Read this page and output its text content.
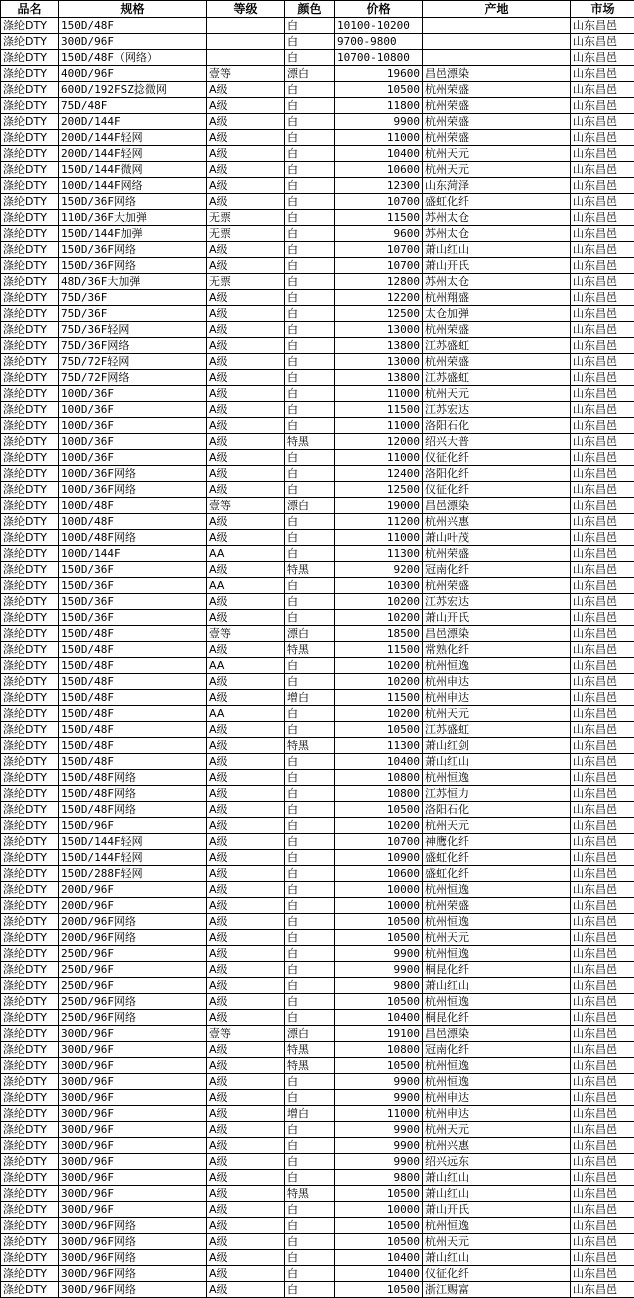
品名	规格	等级	颜色	价格	产地	市场
涤纶DTY	150D/48F		白	10100-10200		山东昌邑
涤纶DTY	300D/96F		白	9700-9800		山东昌邑
涤纶DTY	150D/48F（网络）		白	10700-10800		山东昌邑
涤纶DTY	400D/96F	壹等	漂白	19600	昌邑漂染	山东昌邑
涤纶DTY	600D/192FSZ捻微网	A级	白	10500	杭州荣盛	山东昌邑
涤纶DTY	75D/48F	A级	白	11800	杭州荣盛	山东昌邑
涤纶DTY	200D/144F	A级	白	9900	杭州荣盛	山东昌邑
涤纶DTY	200D/144F轻网	A级	白	11000	杭州荣盛	山东昌邑
涤纶DTY	200D/144F轻网	A级	白	10400	杭州天元	山东昌邑
涤纶DTY	150D/144F微网	A级	白	10600	杭州天元	山东昌邑
涤纶DTY	100D/144F网络	A级	白	12300	山东菏泽	山东昌邑
涤纶DTY	150D/36F网络	A级	白	10700	盛虹化纤	山东昌邑
涤纶DTY	110D/36F大加弹	无票	白	11500	苏州太仓	山东昌邑
涤纶DTY	150D/144F加弹	无票	白	9600	苏州太仓	山东昌邑
涤纶DTY	150D/36F网络	A级	白	10700	萧山红山	山东昌邑
涤纶DTY	150D/36F网络	A级	白	10700	萧山开氏	山东昌邑
涤纶DTY	48D/36F大加弹	无票	白	12800	苏州太仓	山东昌邑
涤纶DTY	75D/36F	A级	白	12200	杭州翔盛	山东昌邑
涤纶DTY	75D/36F	A级	白	12500	太仓加弹	山东昌邑
涤纶DTY	75D/36F轻网	A级	白	13000	杭州荣盛	山东昌邑
涤纶DTY	75D/36F网络	A级	白	13800	江苏盛虹	山东昌邑
涤纶DTY	75D/72F轻网	A级	白	13000	杭州荣盛	山东昌邑
涤纶DTY	75D/72F网络	A级	白	13800	江苏盛虹	山东昌邑
涤纶DTY	100D/36F	A级	白	11000	杭州天元	山东昌邑
涤纶DTY	100D/36F	A级	白	11500	江苏宏达	山东昌邑
涤纶DTY	100D/36F	A级	白	11000	洛阳石化	山东昌邑
涤纶DTY	100D/36F	A级	特黑	12000	绍兴大普	山东昌邑
涤纶DTY	100D/36F	A级	白	11000	仪征化纤	山东昌邑
涤纶DTY	100D/36F网络	A级	白	12400	洛阳化纤	山东昌邑
涤纶DTY	100D/36F网络	A级	白	12500	仪征化纤	山东昌邑
涤纶DTY	100D/48F	壹等	漂白	19000	昌邑漂染	山东昌邑
涤纶DTY	100D/48F	A级	白	11200	杭州兴惠	山东昌邑
涤纶DTY	100D/48F网络	A级	白	11000	萧山叶茂	山东昌邑
涤纶DTY	100D/144F	AA	白	11300	杭州荣盛	山东昌邑
涤纶DTY	150D/36F	A级	特黑	9200	冠南化纤	山东昌邑
涤纶DTY	150D/36F	AA	白	10300	杭州荣盛	山东昌邑
涤纶DTY	150D/36F	A级	白	10200	江苏宏达	山东昌邑
涤纶DTY	150D/36F	A级	白	10200	萧山开氏	山东昌邑
涤纶DTY	150D/48F	壹等	漂白	18500	昌邑漂染	山东昌邑
涤纶DTY	150D/48F	A级	特黑	11500	常熟化纤	山东昌邑
涤纶DTY	150D/48F	AA	白	10200	杭州恒逸	山东昌邑
涤纶DTY	150D/48F	A级	白	10200	杭州申达	山东昌邑
涤纶DTY	150D/48F	A级	增白	11500	杭州申达	山东昌邑
涤纶DTY	150D/48F	AA	白	10200	杭州天元	山东昌邑
涤纶DTY	150D/48F	A级	白	10500	江苏盛虹	山东昌邑
涤纶DTY	150D/48F	A级	特黑	11300	萧山红剑	山东昌邑
涤纶DTY	150D/48F	A级	白	10400	萧山红山	山东昌邑
涤纶DTY	150D/48F网络	A级	白	10800	杭州恒逸	山东昌邑
涤纶DTY	150D/48F网络	A级	白	10800	江苏恒力	山东昌邑
涤纶DTY	150D/48F网络	A级	白	10500	洛阳石化	山东昌邑
涤纶DTY	150D/96F	A级	白	10200	杭州天元	山东昌邑
涤纶DTY	150D/144F轻网	A级	白	10700	神鹰化纤	山东昌邑
涤纶DTY	150D/144F轻网	A级	白	10900	盛虹化纤	山东昌邑
涤纶DTY	150D/288F轻网	A级	白	10600	盛虹化纤	山东昌邑
涤纶DTY	200D/96F	A级	白	10000	杭州恒逸	山东昌邑
涤纶DTY	200D/96F	A级	白	10000	杭州荣盛	山东昌邑
涤纶DTY	200D/96F网络	A级	白	10500	杭州恒逸	山东昌邑
涤纶DTY	200D/96F网络	A级	白	10500	杭州天元	山东昌邑
涤纶DTY	250D/96F	A级	白	9900	杭州恒逸	山东昌邑
涤纶DTY	250D/96F	A级	白	9900	桐昆化纤	山东昌邑
涤纶DTY	250D/96F	A级	白	9800	萧山红山	山东昌邑
涤纶DTY	250D/96F网络	A级	白	10500	杭州恒逸	山东昌邑
涤纶DTY	250D/96F网络	A级	白	10400	桐昆化纤	山东昌邑
涤纶DTY	300D/96F	壹等	漂白	19100	昌邑漂染	山东昌邑
涤纶DTY	300D/96F	A级	特黑	10800	冠南化纤	山东昌邑
涤纶DTY	300D/96F	A级	特黑	10500	杭州恒逸	山东昌邑
涤纶DTY	300D/96F	A级	白	9900	杭州恒逸	山东昌邑
涤纶DTY	300D/96F	A级	白	9900	杭州申达	山东昌邑
涤纶DTY	300D/96F	A级	增白	11000	杭州申达	山东昌邑
涤纶DTY	300D/96F	A级	白	9900	杭州天元	山东昌邑
涤纶DTY	300D/96F	A级	白	9900	杭州兴惠	山东昌邑
涤纶DTY	300D/96F	A级	白	9900	绍兴远东	山东昌邑
涤纶DTY	300D/96F	A级	白	9800	萧山红山	山东昌邑
涤纶DTY	300D/96F	A级	特黑	10500	萧山红山	山东昌邑
涤纶DTY	300D/96F	A级	白	10000	萧山开氏	山东昌邑
涤纶DTY	300D/96F网络	A级	白	10500	杭州恒逸	山东昌邑
涤纶DTY	300D/96F网络	A级	白	10500	杭州天元	山东昌邑
涤纶DTY	300D/96F网络	A级	白	10400	萧山红山	山东昌邑
涤纶DTY	300D/96F网络	A级	白	10400	仪征化纤	山东昌邑
涤纶DTY	300D/96F网络	A级	白	10500	浙江赐富	山东昌邑
